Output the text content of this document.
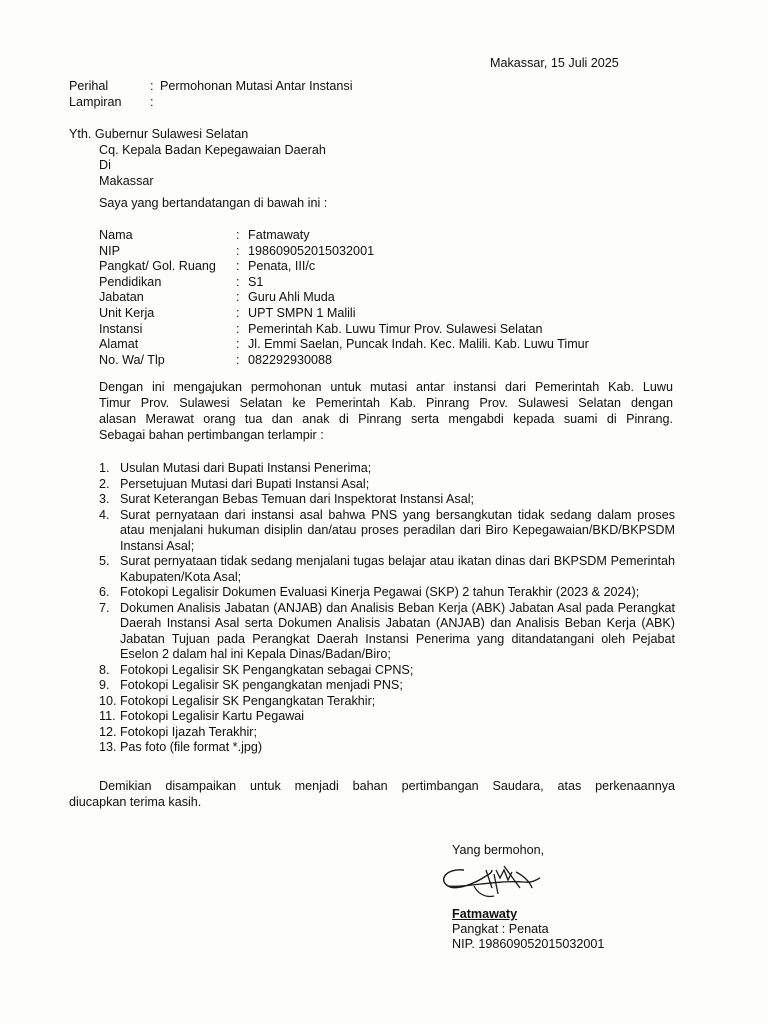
Makassar, 15 Juli 2025
Perihal	: Permohonan Mutasi Antar Instansi
Lampiran :
Yth. Gubernur Sulawesi Selatan
Cq. Kepala Badan Kepegawaian Daerah
Di
Makassar
Saya yang bertandatangan di bawah ini :
Nama	: Fatmawaty
NIP	: 198609052015032001
Pangkat/ Gol. Ruang : Penata, III/c
Pendidikan	: S1
Jabatan	: Guru Ahli Muda
Unit Kerja	: UPT SMPN 1 Malili
Instansi	: Pemerintah Kab. Luwu Timur Prov. Sulawesi Selatan
Alamat	: Jl. Emmi Saelan, Puncak Indah. Kec. Malili. Kab. Luwu Timur
No. Wa/ Tlp	: 082292930088
Dengan ini mengajukan permohonan untuk mutasi antar instansi dari Pemerintah Kab. Luwu
Timur Prov. Sulawesi Selatan ke Pemerintah Kab. Pinrang Prov. Sulawesi Selatan dengan
alasan Merawat orang tua dan anak di Pinrang serta mengabdi kepada suami di Pinrang.
Sebagai bahan pertimbangan terlampir :
1. Usulan Mutasi dari Bupati Instansi Penerima;
2. Persetujuan Mutasi dari Bupati Instansi Asal;
3. Surat Keterangan Bebas Temuan dari Inspektorat Instansi Asal;
4. Surat pernyataan dari instansi asal bahwa PNS yang bersangkutan tidak sedang dalam proses atau menjalani hukuman disiplin dan/atau proses peradilan dari Biro Kepegawaian/BKD/BKPSDM Instansi Asal;
5. Surat pernyataan tidak sedang menjalani tugas belajar atau ikatan dinas dari BKPSDM Pemerintah Kabupaten/Kota Asal;
6. Fotokopi Legalisir Dokumen Evaluasi Kinerja Pegawai (SKP) 2 tahun Terakhir (2023 & 2024);
7. Dokumen Analisis Jabatan (ANJAB) dan Analisis Beban Kerja (ABK) Jabatan Asal pada Perangkat Daerah Instansi Asal serta Dokumen Analisis Jabatan (ANJAB) dan Analisis Beban Kerja (ABK) Jabatan Tujuan pada Perangkat Daerah Instansi Penerima yang ditandatangani oleh Pejabat Eselon 2 dalam hal ini Kepala Dinas/Badan/Biro;
8. Fotokopi Legalisir SK Pengangkatan sebagai CPNS;
9. Fotokopi Legalisir SK pengangkatan menjadi PNS;
10. Fotokopi Legalisir SK Pengangkatan Terakhir;
11. Fotokopi Legalisir Kartu Pegawai
12. Fotokopi Ijazah Terakhir;
13. Pas foto (file format *.jpg)
Demikian disampaikan untuk menjadi bahan pertimbangan Saudara, atas perkenaannya
diucapkan terima kasih.
Yang bermohon,
Fatmawaty
Pangkat : Penata
NIP. 198609052015032001
